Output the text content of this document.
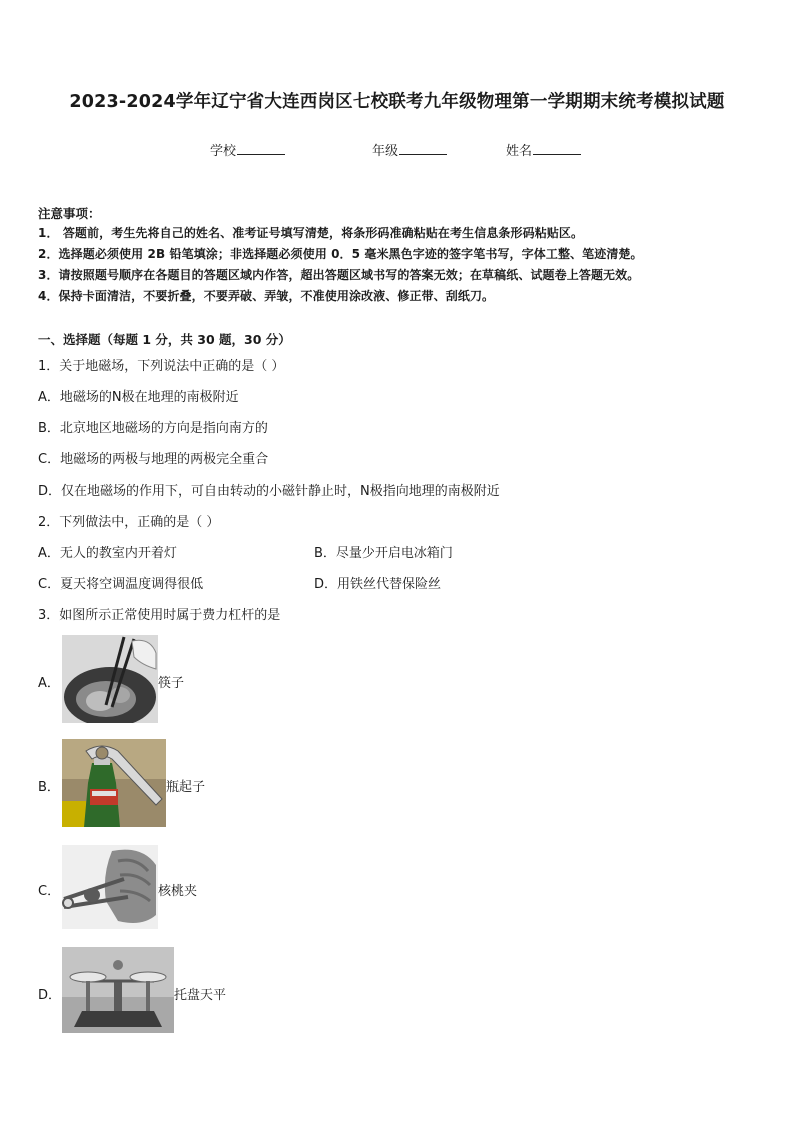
2023-2024学年辽宁省大连西岗区七校联考九年级物理第一学期期末统考模拟试题
学校	年级	姓名
注意事项：
1． 答题前，考生先将自己的姓名、准考证号填写清楚，将条形码准确粘贴在考生信息条形码粘贴区。
2．选择题必须使用 2B 铅笔填涂；非选择题必须使用 0．5 毫米黑色字迹的签字笔书写，字体工整、笔迹清楚。
3．请按照题号顺序在各题目的答题区域内作答，超出答题区域书写的答案无效；在草稿纸、试题卷上答题无效。
4．保持卡面清洁，不要折叠，不要弄破、弄皱，不准使用涂改液、修正带、刮纸刀。
一、选择题（每题 1 分，共 30 题，30 分）
1．关于地磁场，下列说法中正确的是（ ）
A．地磁场的N极在地理的南极附近
B．北京地区地磁场的方向是指向南方的
C．地磁场的两极与地理的两极完全重合
D．仅在地磁场的作用下，可自由转动的小磁针静止时，N极指向地理的南极附近
2．下列做法中，正确的是（ ）
A．无人的教室内开着灯	B．尽量少开启电冰箱门
C．夏天将空调温度调得很低	D．用铁丝代替保险丝
3．如图所示正常使用时属于费力杠杆的是
A．	筷子
B．	瓶起子
C．	核桃夹
D．	托盘天平
